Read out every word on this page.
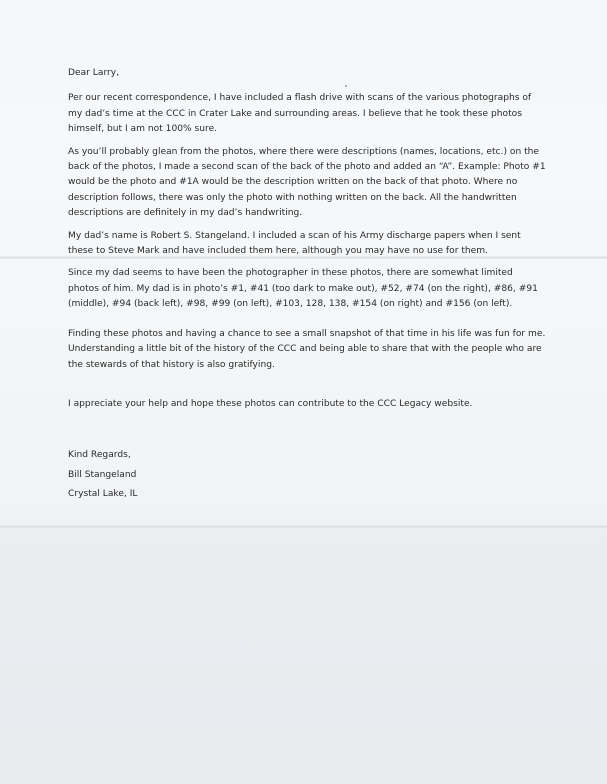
Dear Larry,

Per our recent correspondence, I have included a flash drive with scans of the various photographs of my dad’s time at the CCC in Crater Lake and surrounding areas. I believe that he took these photos himself, but I am not 100% sure.

As you’ll probably glean from the photos, where there were descriptions (names, locations, etc.) on the back of the photos, I made a second scan of the back of the photo and added an “A”. Example: Photo #1 would be the photo and #1A would be the description written on the back of that photo. Where no description follows, there was only the photo with nothing written on the back. All the handwritten descriptions are definitely in my dad’s handwriting.

My dad’s name is Robert S. Stangeland. I included a scan of his Army discharge papers when I sent these to Steve Mark and have included them here, although you may have no use for them.

Since my dad seems to have been the photographer in these photos, there are somewhat limited photos of him. My dad is in photo’s #1, #41 (too dark to make out), #52, #74 (on the right), #86, #91 (middle), #94 (back left), #98, #99 (on left), #103, 128, 138, #154 (on right) and #156 (on left).

Finding these photos and having a chance to see a small snapshot of that time in his life was fun for me. Understanding a little bit of the history of the CCC and being able to share that with the people who are the stewards of that history is also gratifying.

I appreciate your help and hope these photos can contribute to the CCC Legacy website.

Kind Regards,

Bill Stangeland

Crystal Lake, IL
